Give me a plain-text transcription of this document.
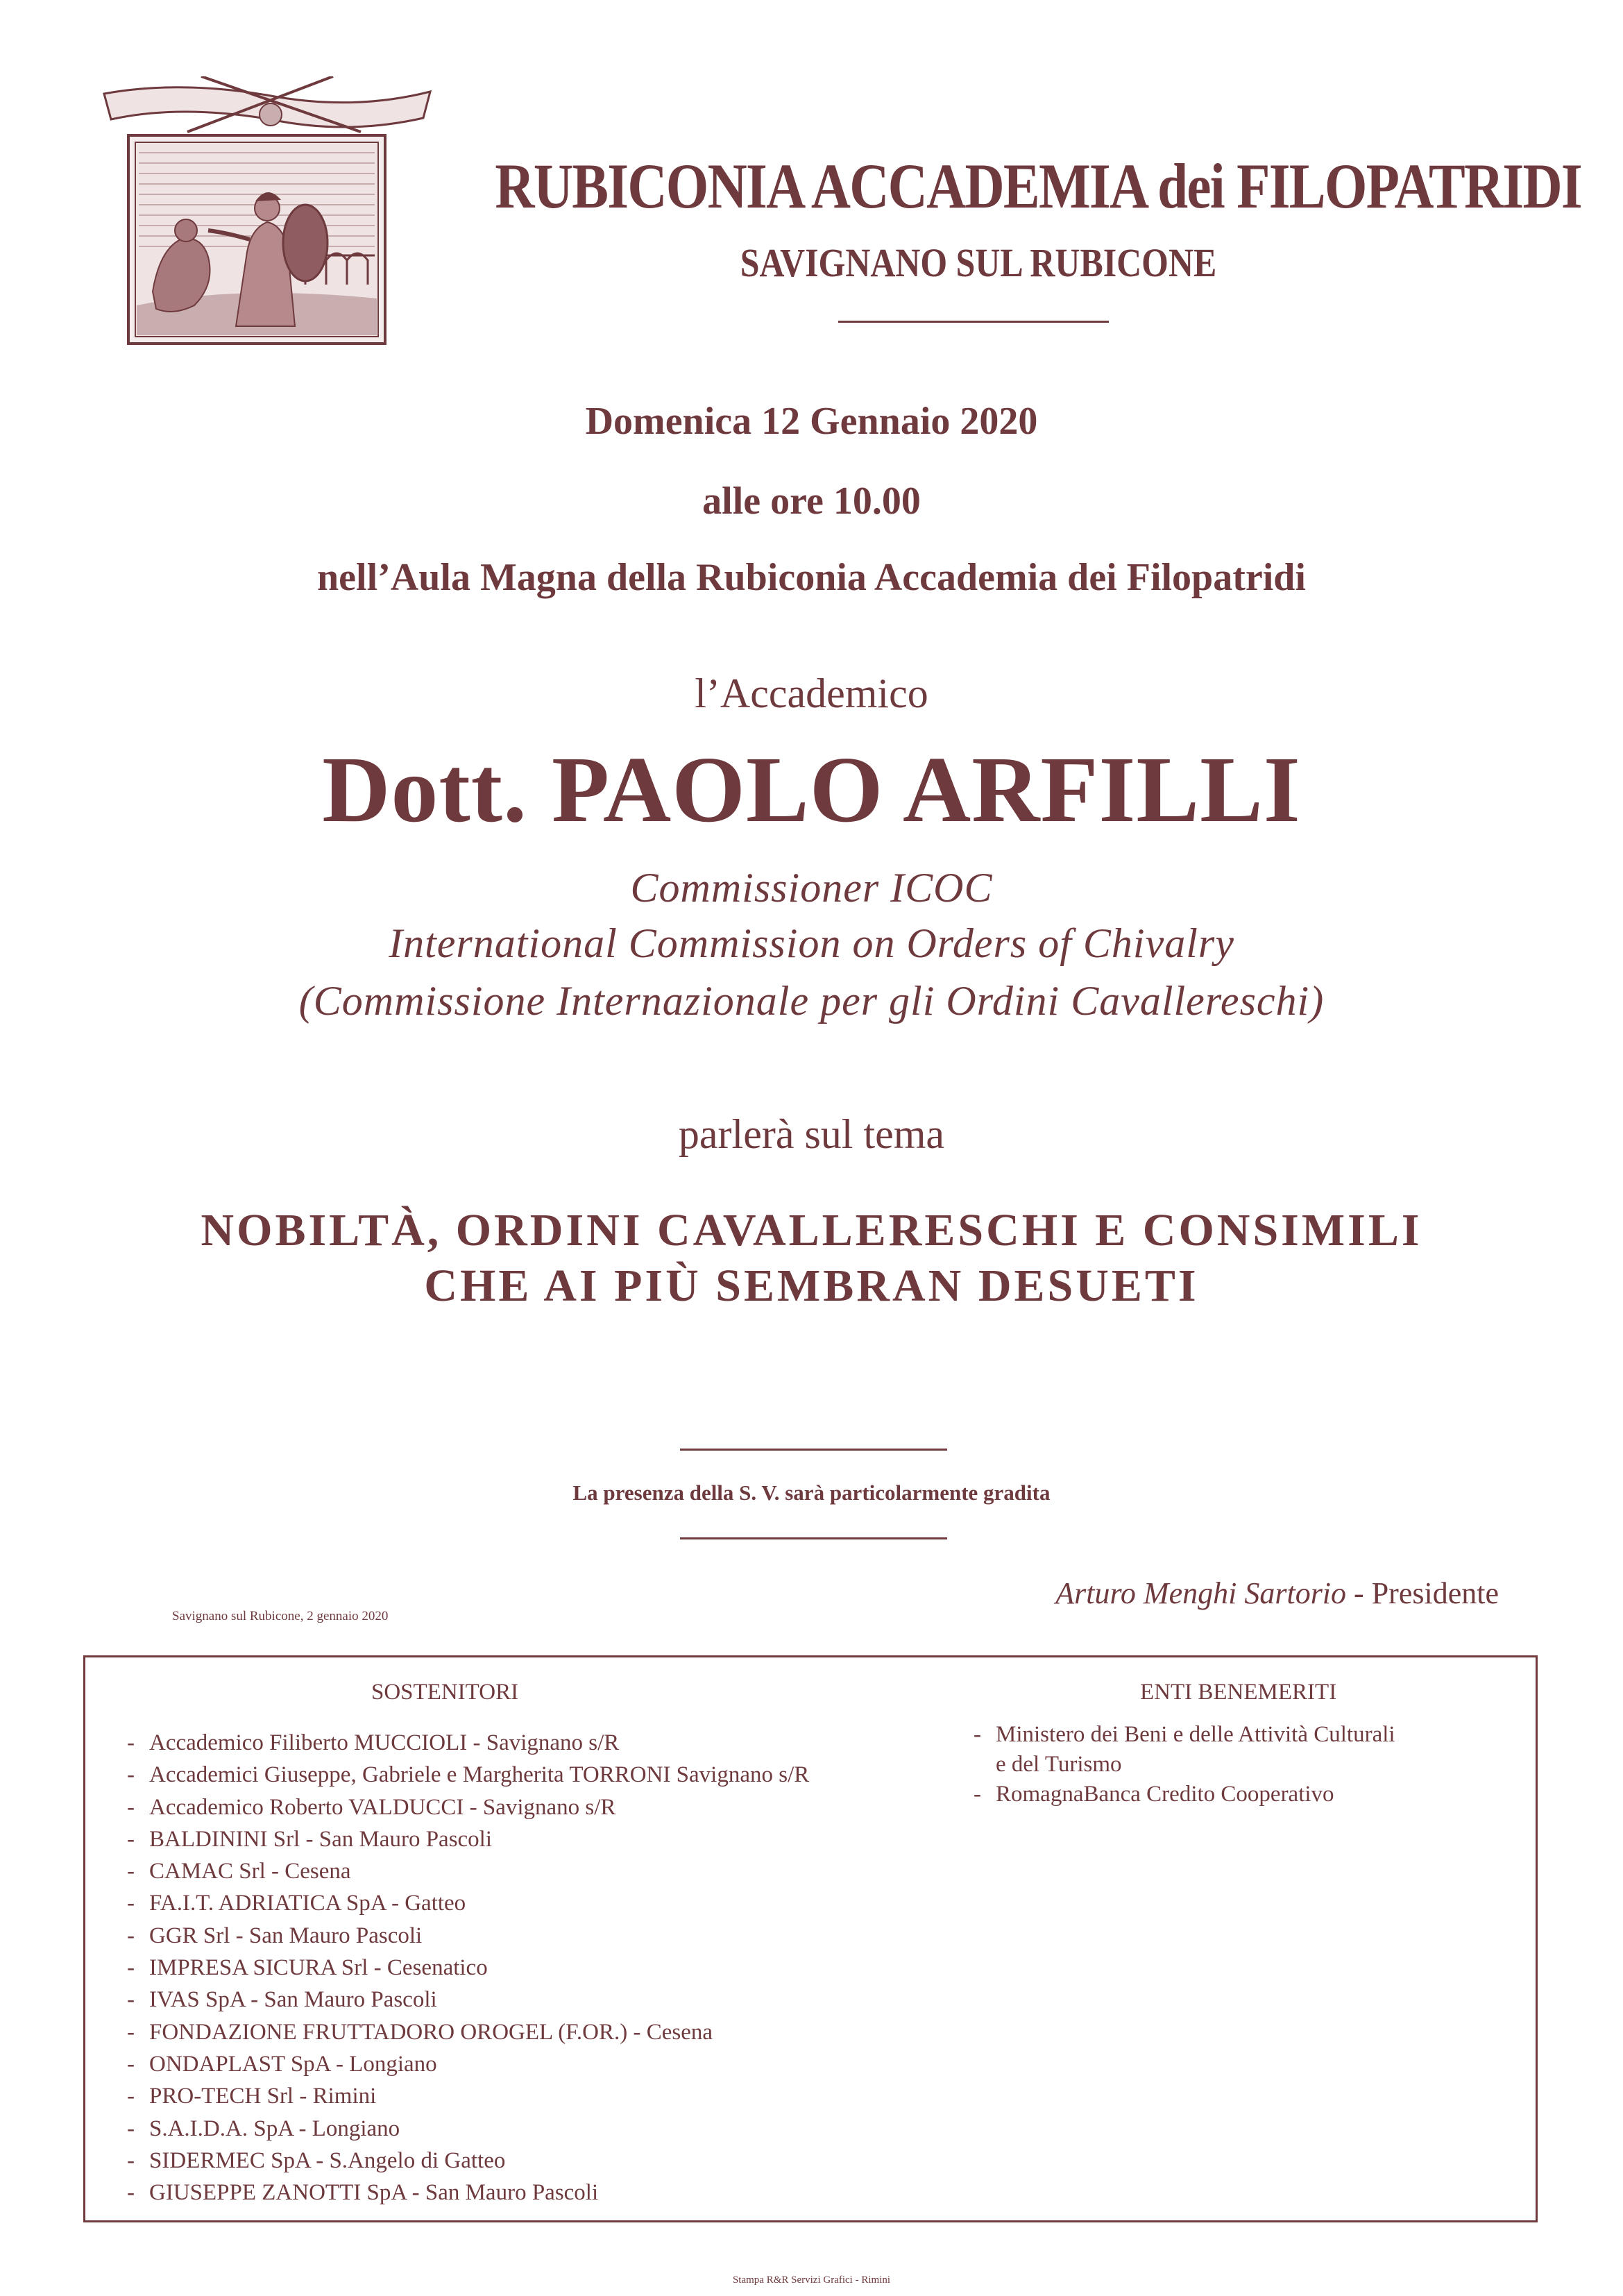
RUBICONIA ACCADEMIA dei FILOPATRIDI
SAVIGNANO SUL RUBICONE
Domenica 12 Gennaio 2020
alle ore 10.00
nell’Aula Magna della Rubiconia Accademia dei Filopatridi
l’Accademico
Dott. PAOLO ARFILLI
Commissioner ICOC
International Commission on Orders of Chivalry
(Commissione Internazionale per gli Ordini Cavallereschi)
parlerà sul tema
NOBILTÀ, ORDINI CAVALLERESCHI E CONSIMILI
CHE AI PIÙ SEMBRAN DESUETI
La presenza della S. V. sarà particolarmente gradita
Savignano sul Rubicone, 2 gennaio 2020
Arturo Menghi Sartorio - Presidente
SOSTENITORI
- Accademico Filiberto MUCCIOLI - Savignano s/R
- Accademici Giuseppe, Gabriele e Margherita TORRONI Savignano s/R
- Accademico Roberto VALDUCCI - Savignano s/R
- BALDININI Srl - San Mauro Pascoli
- CAMAC Srl - Cesena
- FA.I.T. ADRIATICA SpA - Gatteo
- GGR Srl - San Mauro Pascoli
- IMPRESA SICURA Srl - Cesenatico
- IVAS SpA - San Mauro Pascoli
- FONDAZIONE FRUTTADORO OROGEL (F.OR.) - Cesena
- ONDAPLAST SpA - Longiano
- PRO-TECH Srl - Rimini
- S.A.I.D.A. SpA - Longiano
- SIDERMEC SpA - S.Angelo di Gatteo
- GIUSEPPE ZANOTTI SpA - San Mauro Pascoli
ENTI BENEMERITI
- Ministero dei Beni e delle Attività Culturali
e del Turismo
- RomagnaBanca Credito Cooperativo
Stampa R&R Servizi Grafici - Rimini
